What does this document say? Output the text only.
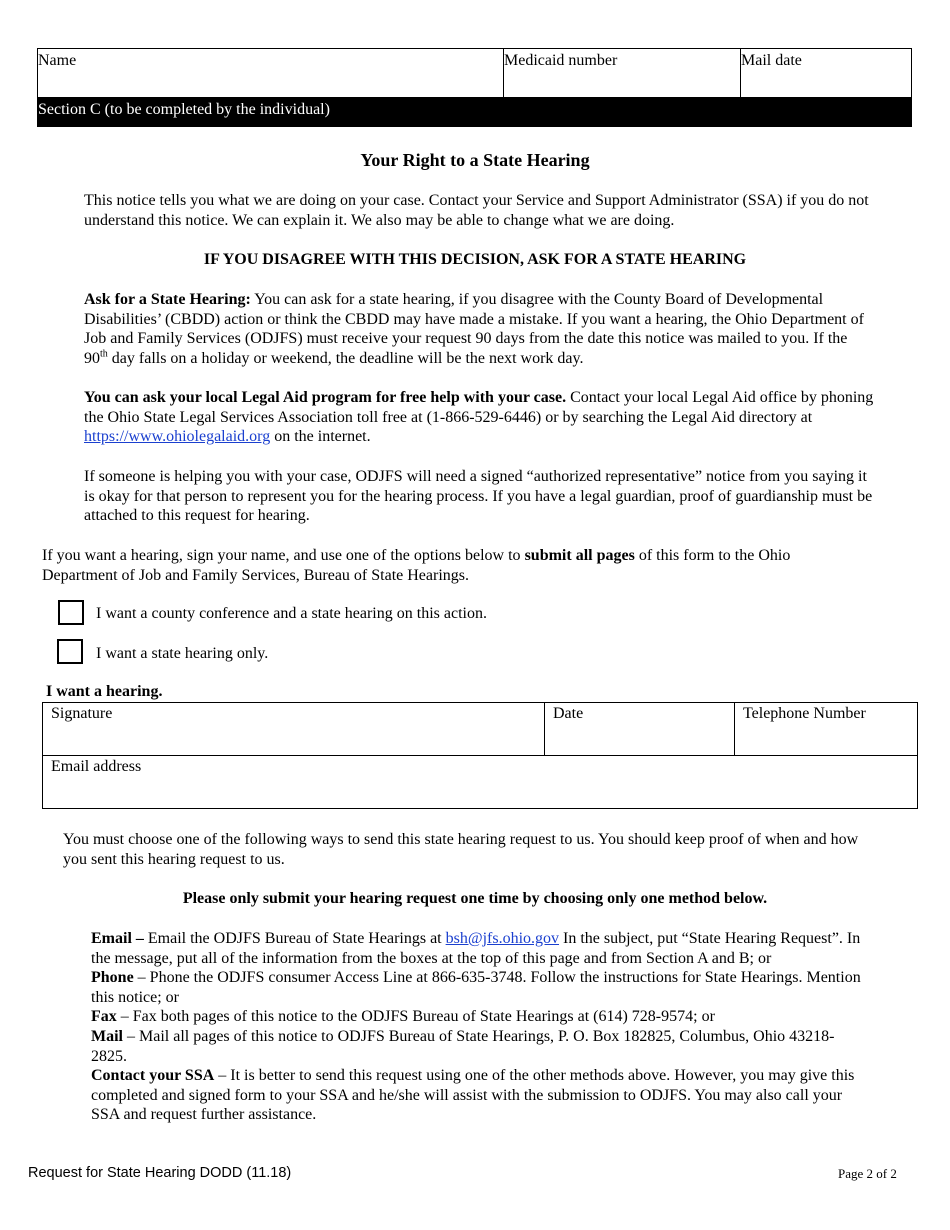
Name	Medicaid number	Mail date
Section C (to be completed by the individual)
Your Right to a State Hearing
This notice tells you what we are doing on your case. Contact your Service and Support Administrator (SSA) if you do not understand this notice. We can explain it. We also may be able to change what we are doing.
IF YOU DISAGREE WITH THIS DECISION, ASK FOR A STATE HEARING
Ask for a State Hearing: You can ask for a state hearing, if you disagree with the County Board of Developmental Disabilities’ (CBDD) action or think the CBDD may have made a mistake. If you want a hearing, the Ohio Department of Job and Family Services (ODJFS) must receive your request 90 days from the date this notice was mailed to you. If the 90th day falls on a holiday or weekend, the deadline will be the next work day.
You can ask your local Legal Aid program for free help with your case. Contact your local Legal Aid office by phoning the Ohio State Legal Services Association toll free at (1-866-529-6446) or by searching the Legal Aid directory at https://www.ohiolegalaid.org on the internet.
If someone is helping you with your case, ODJFS will need a signed “authorized representative” notice from you saying it is okay for that person to represent you for the hearing process. If you have a legal guardian, proof of guardianship must be attached to this request for hearing.
If you want a hearing, sign your name, and use one of the options below to submit all pages of this form to the Ohio Department of Job and Family Services, Bureau of State Hearings.
I want a county conference and a state hearing on this action.
I want a state hearing only.
I want a hearing.
Signature	Date	Telephone Number
Email address
You must choose one of the following ways to send this state hearing request to us. You should keep proof of when and how you sent this hearing request to us.
Please only submit your hearing request one time by choosing only one method below.
Email – Email the ODJFS Bureau of State Hearings at bsh@jfs.ohio.gov In the subject, put “State Hearing Request”. In the message, put all of the information from the boxes at the top of this page and from Section A and B; or
Phone – Phone the ODJFS consumer Access Line at 866-635-3748. Follow the instructions for State Hearings. Mention this notice; or
Fax – Fax both pages of this notice to the ODJFS Bureau of State Hearings at (614) 728-9574; or
Mail – Mail all pages of this notice to ODJFS Bureau of State Hearings, P. O. Box 182825, Columbus, Ohio 43218-2825.
Contact your SSA – It is better to send this request using one of the other methods above. However, you may give this completed and signed form to your SSA and he/she will assist with the submission to ODJFS. You may also call your SSA and request further assistance.
Request for State Hearing DODD (11.18)	Page 2 of 2
